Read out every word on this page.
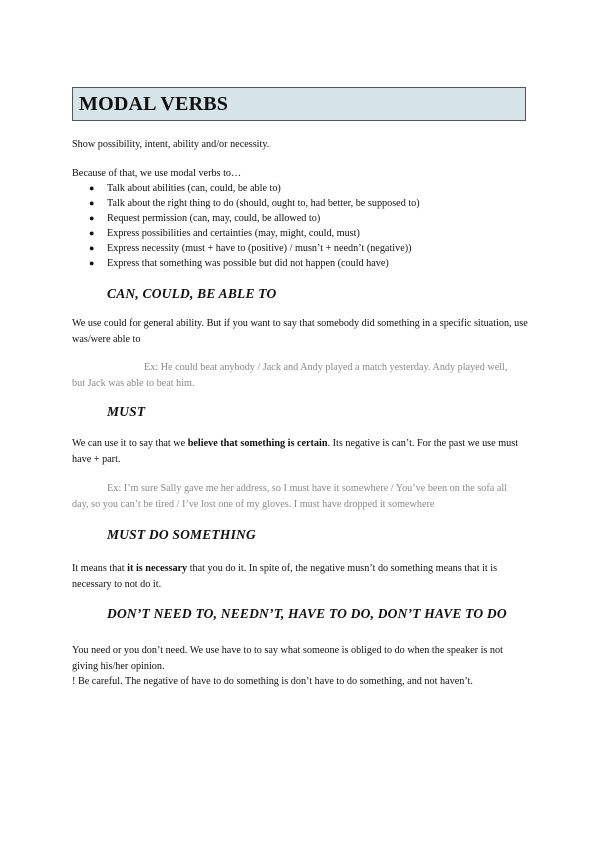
MODAL VERBS

Show possibility, intent, ability and/or necessity.

Because of that, we use modal verbs to…

● Talk about abilities (can, could, be able to)
● Talk about the right thing to do (should, ought to, had better, be supposed to)
● Request permission (can, may, could, be allowed to)
● Express possibilities and certainties (may, might, could, must)
● Express necessity (must + have to (positive) / musn’t + needn’t (negative))
● Express that something was possible but did not happen (could have)
CAN, COULD, BE ABLE TO

We use could for general ability. But if you want to say that somebody did something in a specific situation, use was/were able to

Ex: He could beat anybody / Jack and Andy played a match yesterday. Andy played well, but Jack was able to beat him.

MUST

We can use it to say that we believe that something is certain. Its negative is can’t. For the past we use must have + part.

Ex: I’m sure Sally gave me her address, so I must have it somewhere / You’ve been on the sofa all day, so you can’t be tired / I’ve lost one of my gloves. I must have dropped it somewhere

MUST DO SOMETHING

It means that it is necessary that you do it. In spite of, the negative musn’t do something means that it is necessary to not do it.

DON’T NEED TO, NEEDN’T, HAVE TO DO, DON’T HAVE TO DO

You need or you don’t need. We use have to to say what someone is obliged to do when the speaker is not giving his/her opinion.

! Be careful. The negative of have to do something is don’t have to do something, and not haven’t.
